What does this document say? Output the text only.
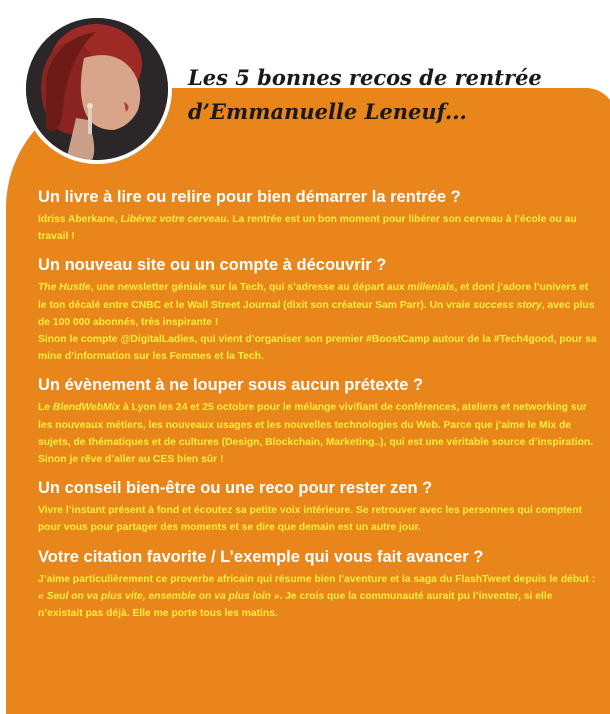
Les 5 bonnes recos de rentrée
d’Emmanuelle Leneuf...
Un livre à lire ou relire pour bien démarrer la rentrée ?
Idriss Aberkane, Libérez votre cerveau. La rentrée est un bon moment pour libérer son cerveau à l’école ou au travail !
Un nouveau site ou un compte à découvrir ?
The Hustle, une newsletter géniale sur la Tech, qui s’adresse au départ aux millenials, et dont j’adore l’univers et le ton décalé entre CNBC et le Wall Street Journal (dixit son créateur Sam Parr). Un vraie success story, avec plus de 100 000 abonnés, très inspirante !
Sinon le compte @DigitalLadies, qui vient d’organiser son premier #BoostCamp autour de la #Tech4good, pour sa mine d’information sur les Femmes et la Tech.
Un évènement à ne louper sous aucun prétexte ?
Le BlendWebMix à Lyon les 24 et 25 octobre pour le mélange vivifiant de conférences, ateliers et networking sur les nouveaux métiers, les nouveaux usages et les nouvelles technologies du Web. Parce que j’aime le Mix de sujets, de thématiques et de cultures (Design, Blockchain, Marketing..), qui est une véritable source d’inspiration. Sinon je rêve d’aller au CES bien sûr !
Un conseil bien-être ou une reco pour rester zen ?
Vivre l’instant présent à fond et écoutez sa petite voix intérieure. Se retrouver avec les personnes qui comptent pour vous pour partager des moments et se dire que demain est un autre jour.
Votre citation favorite / L’exemple qui vous fait avancer ?
J’aime particulièrement ce proverbe africain qui résume bien l’aventure et la saga du FlashTweet depuis le début : « Seul on va plus vite, ensemble on va plus loin ». Je crois que la communauté aurait pu l’inventer, si elle n’existait pas déjà. Elle me porte tous les matins.
